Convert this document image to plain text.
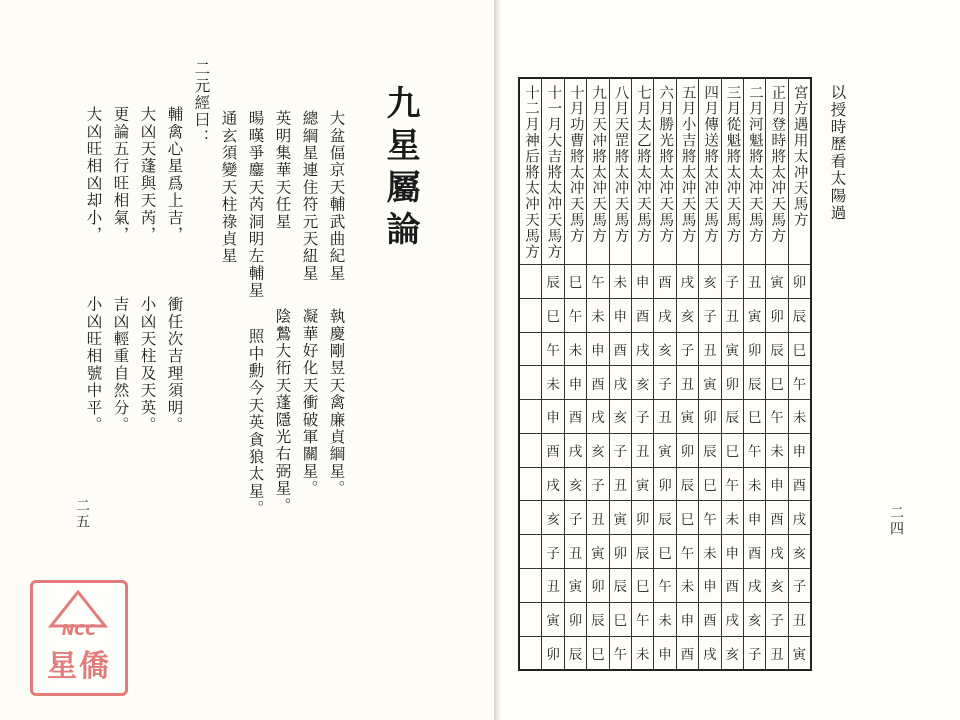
九星屬論
大盆偪京天輔武曲紀星
總綱星連住符元天紐星
英明集華天任星
暘暵爭鏖天芮洞明左輔星
通玄須變天柱祿貞星
二元經曰：
輔禽心星爲上吉，
大凶天蓬與天芮，
更論五行旺相氣，
大凶旺相凶却小，
執慶剛昱天禽廉貞綱星。
凝華好化天衝破軍關星。
陰鷙大衎天蓬隱光右弼星。
照中勳今天英貪狼太星。
衝任次吉理須明。
小凶天柱及天英。
吉凶輕重自然分。
小凶旺相號中平。
二五	二四
以授時歷看太陽過
十二月神后將太冲天馬方	十一月大吉將太冲天馬方	十月功曹將太冲天馬方	九月天冲將太冲天馬方	八月天罡將太冲天馬方	七月太乙將太冲天馬方	六月勝光將太冲天馬方	五月小吉將太冲天馬方	四月傳送將太冲天馬方	三月從魁將太冲天馬方	二月河魁將太冲天馬方	正月登時將太冲天馬方	宮方遇用太冲天馬方
	辰	巳	午	未	申	酉	戌	亥	子	丑	寅	卯
	巳	午	未	申	酉	戌	亥	子	丑	寅	卯	辰
	午	未	申	酉	戌	亥	子	丑	寅	卯	辰	巳
	未	申	酉	戌	亥	子	丑	寅	卯	辰	巳	午
	申	酉	戌	亥	子	丑	寅	卯	辰	巳	午	未
	酉	戌	亥	子	丑	寅	卯	辰	巳	午	未	申
	戌	亥	子	丑	寅	卯	辰	巳	午	未	申	酉
	亥	子	丑	寅	卯	辰	巳	午	未	申	酉	戌
	子	丑	寅	卯	辰	巳	午	未	申	酉	戌	亥
	丑	寅	卯	辰	巳	午	未	申	酉	戌	亥	子
	寅	卯	辰	巳	午	未	申	酉	戌	亥	子	丑
	卯	辰	巳	午	未	申	酉	戌	亥	子	丑	寅
NCC
星僑
